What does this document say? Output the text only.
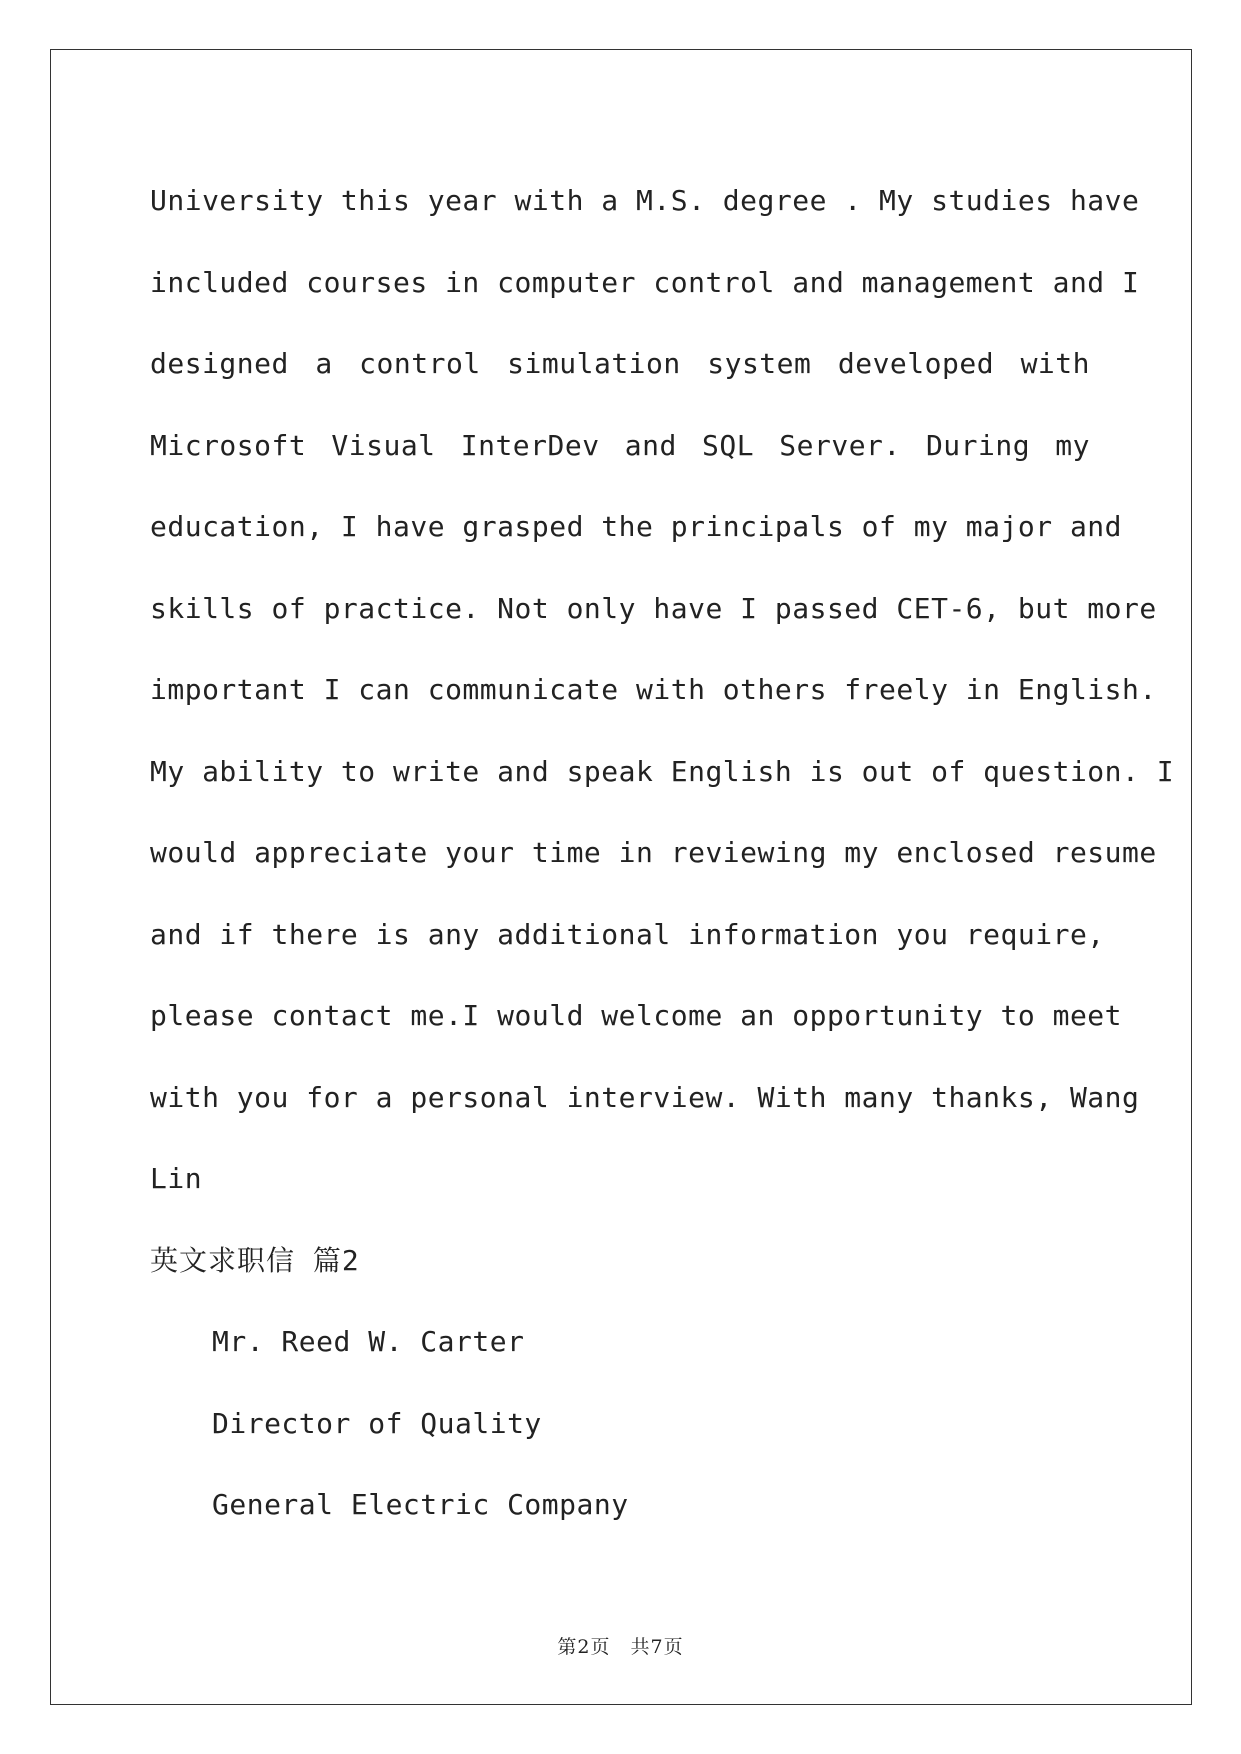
University this year with a M.S. degree . My studies have
included courses in computer control and management and I
designed a control simulation system developed with
Microsoft Visual InterDev and SQL Server. During my
education, I have grasped the principals of my major and
skills of practice. Not only have I passed CET-6, but more
important I can communicate with others freely in English.
My ability to write and speak English is out of question. I
would appreciate your time in reviewing my enclosed resume
and if there is any additional information you require,
please contact me.I would welcome an opportunity to meet
with you for a personal interview. With many thanks, Wang
Lin
英文求职信 篇2
Mr. Reed W. Carter
Director of Quality
General Electric Company
第2页　共7页
